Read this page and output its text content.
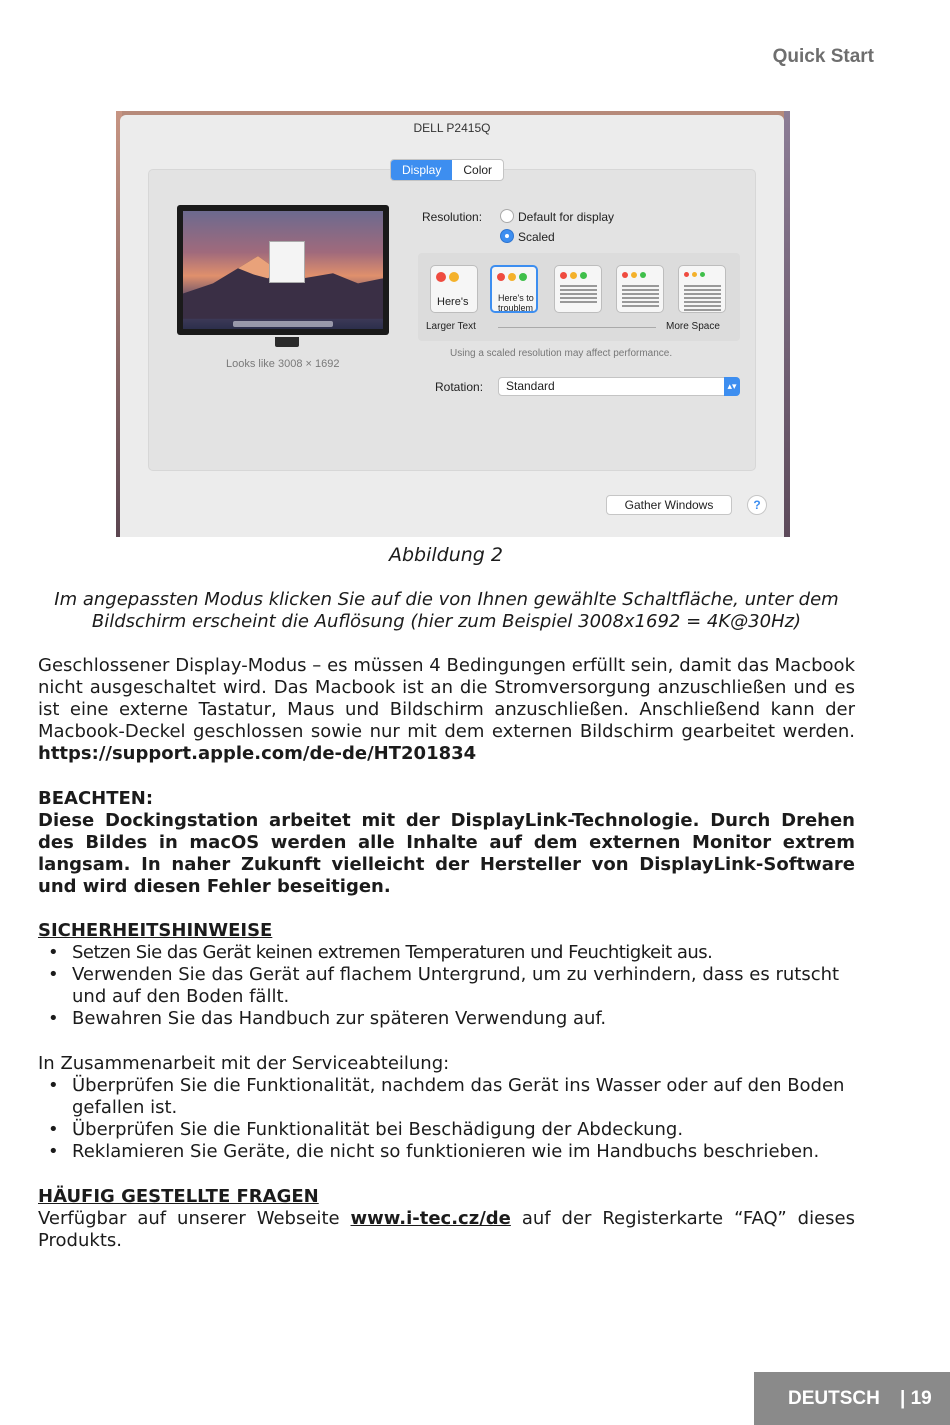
Quick Start
DELL P2415Q
Display	Color
Looks like 3008 × 1692
Resolution:	Default for display
Scaled
Here's	Here's to troublem
Larger Text	More Space
Using a scaled resolution may affect performance.
Rotation:	Standard	▴▾
Gather Windows	?
Abbildung 2
Im angepassten Modus klicken Sie auf die von Ihnen gewählte Schaltfläche, unter dem Bildschirm erscheint die Auflösung (hier zum Beispiel 3008x1692 = 4K@30Hz)
Geschlossener Display-Modus – es müssen 4 Bedingungen erfüllt sein, damit das Macbook nicht ausgeschaltet wird. Das Macbook ist an die Stromversorgung anzuschließen und es ist eine externe Tastatur, Maus und Bildschirm anzuschließen. Anschließend kann der Macbook-Deckel geschlossen sowie nur mit dem externen Bildschirm gearbeitet werden. https://support.apple.com/de-de/HT201834
BEACHTEN:
Diese Dockingstation arbeitet mit der DisplayLink-Technologie. Durch Drehen des Bildes in macOS werden alle Inhalte auf dem externen Monitor extrem langsam. In naher Zukunft vielleicht der Hersteller von DisplayLink-Software und wird diesen Fehler beseitigen.
SICHERHEITSHINWEISE
• Setzen Sie das Gerät keinen extremen Temperaturen und Feuchtigkeit aus.
• Verwenden Sie das Gerät auf flachem Untergrund, um zu verhindern, dass es rutscht und auf den Boden fällt.
• Bewahren Sie das Handbuch zur späteren Verwendung auf.
In Zusammenarbeit mit der Serviceabteilung:
• Überprüfen Sie die Funktionalität, nachdem das Gerät ins Wasser oder auf den Boden gefallen ist.
• Überprüfen Sie die Funktionalität bei Beschädigung der Abdeckung.
• Reklamieren Sie Geräte, die nicht so funktionieren wie im Handbuchs beschrieben.
HÄUFIG GESTELLTE FRAGEN
Verfügbar auf unserer Webseite www.i-tec.cz/de auf der Registerkarte “FAQ” dieses Produkts.
DEUTSCH | 19
